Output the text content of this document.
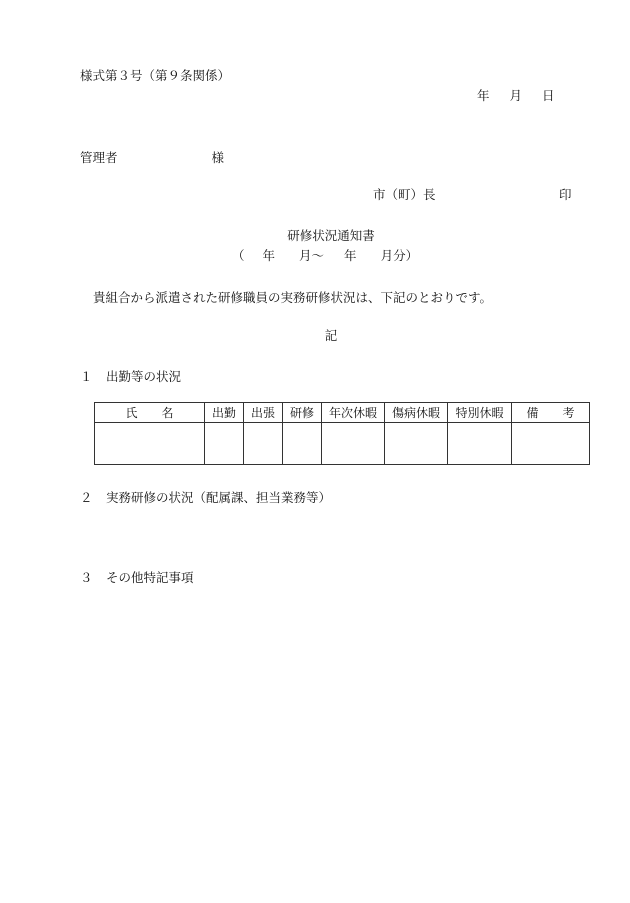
様式第３号（第９条関係）
年 月 日
管理者	様
市（町）長	印
研修状況通知書
（ 年 月～ 年 月分）
貴組合から派遣された研修職員の実務研修状況は、下記のとおりです。
記
１ 出勤等の状況
氏　　名	出勤	出張	研修	年次休暇	傷病休暇	特別休暇	備　　考

２ 実務研修の状況（配属課、担当業務等）
３ その他特記事項
